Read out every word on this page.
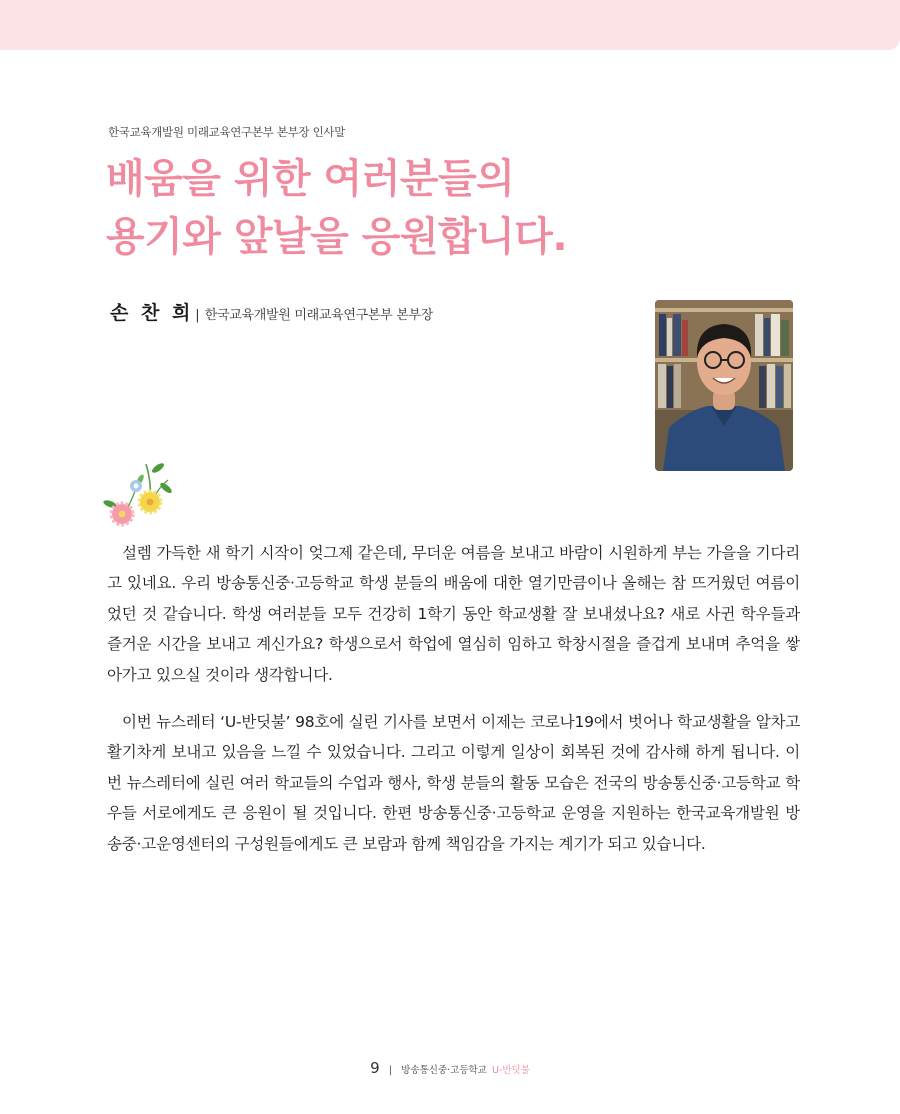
한국교육개발원 미래교육연구본부 본부장 인사말
배움을 위한 여러분들의
용기와 앞날을 응원합니다.
손 찬 희 | 한국교육개발원 미래교육연구본부 본부장

설렘 가득한 새 학기 시작이 엊그제 같은데, 무더운 여름을 보내고 바람이 시원하게 부는 가을을 기다리고 있네요. 우리 방송통신중·고등학교 학생 분들의 배움에 대한 열기만큼이나 올해는 참 뜨거웠던 여름이었던 것 같습니다. 학생 여러분들 모두 건강히 1학기 동안 학교생활 잘 보내셨나요? 새로 사귄 학우들과 즐거운 시간을 보내고 계신가요? 학생으로서 학업에 열심히 임하고 학창시절을 즐겁게 보내며 추억을 쌓아가고 있으실 것이라 생각합니다.

이번 뉴스레터 ‘U-반딧불’ 98호에 실린 기사를 보면서 이제는 코로나19에서 벗어나 학교생활을 알차고 활기차게 보내고 있음을 느낄 수 있었습니다. 그리고 이렇게 일상이 회복된 것에 감사해 하게 됩니다. 이번 뉴스레터에 실린 여러 학교들의 수업과 행사, 학생 분들의 활동 모습은 전국의 방송통신중·고등학교 학우들 서로에게도 큰 응원이 될 것입니다. 한편 방송통신중·고등학교 운영을 지원하는 한국교육개발원 방송중·고운영센터의 구성원들에게도 큰 보람과 함께 책임감을 가지는 계기가 되고 있습니다.

9 | 방송통신중·고등학교 U-반딧불
